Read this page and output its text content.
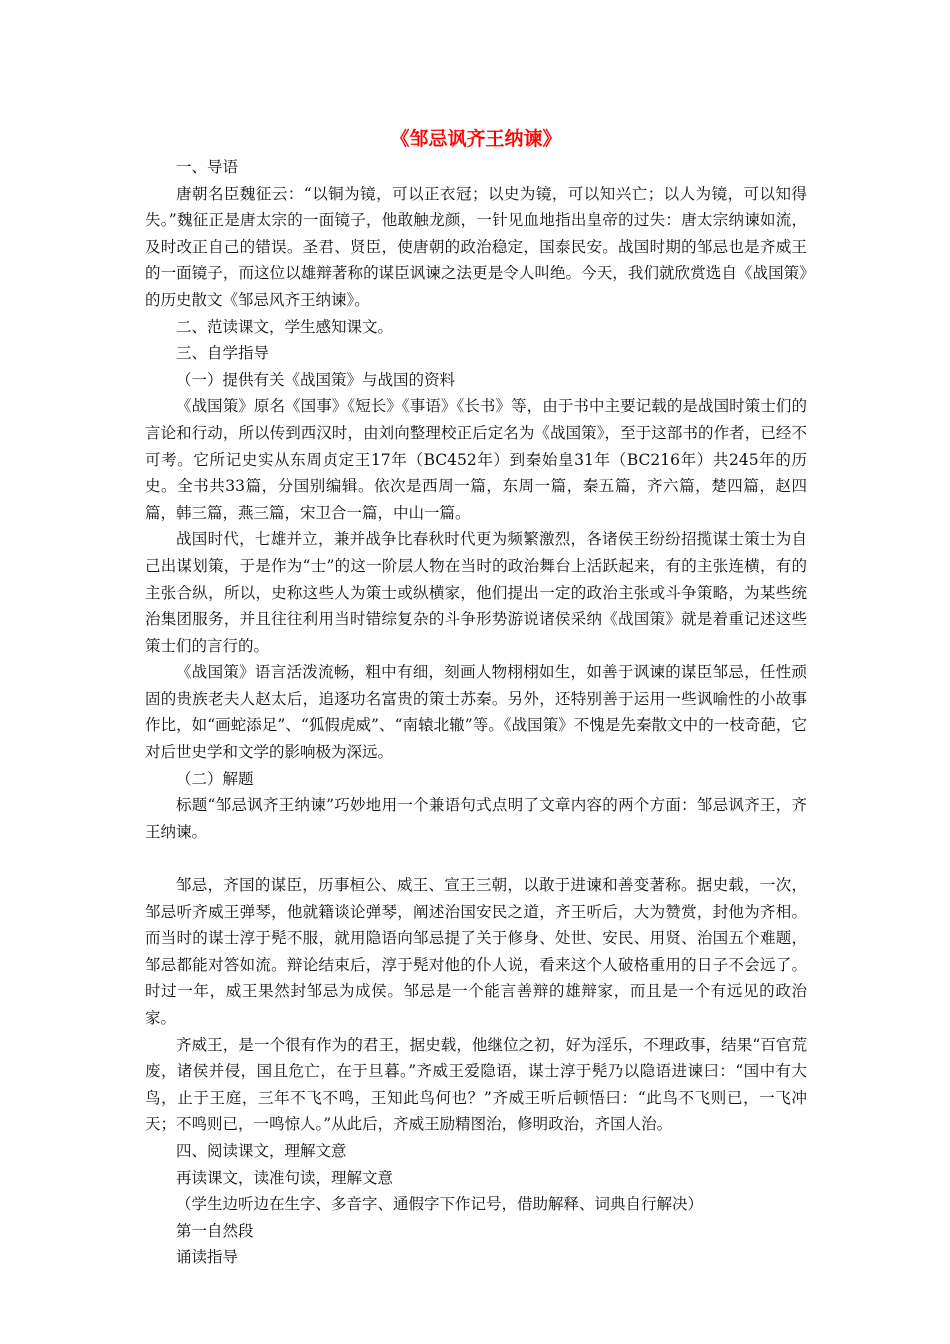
《邹忌讽齐王纳谏》
一、导语
唐朝名臣魏征云：“以铜为镜，可以正衣冠；以史为镜，可以知兴亡；以人为镜，可以知得失。”魏征正是唐太宗的一面镜子，他敢触龙颜，一针见血地指出皇帝的过失：唐太宗纳谏如流，及时改正自己的错误。圣君、贤臣，使唐朝的政治稳定，国泰民安。战国时期的邹忌也是齐威王的一面镜子，而这位以雄辩著称的谋臣讽谏之法更是令人叫绝。今天，我们就欣赏选自《战国策》的历史散文《邹忌风齐王纳谏》。
二、范读课文，学生感知课文。
三、自学指导
（一）提供有关《战国策》与战国的资料
《战国策》原名《国事》《短长》《事语》《长书》等，由于书中主要记载的是战国时策士们的言论和行动，所以传到西汉时，由刘向整理校正后定名为《战国策》，至于这部书的作者，已经不可考。它所记史实从东周贞定王17年（BC452年）到秦始皇31年（BC216年）共245年的历史。全书共33篇，分国别编辑。依次是西周一篇，东周一篇，秦五篇，齐六篇，楚四篇，赵四篇，韩三篇，燕三篇，宋卫合一篇，中山一篇。
战国时代，七雄并立，兼并战争比春秋时代更为频繁激烈，各诸侯王纷纷招揽谋士策士为自己出谋划策，于是作为“士”的这一阶层人物在当时的政治舞台上活跃起来，有的主张连横，有的主张合纵，所以，史称这些人为策士或纵横家，他们提出一定的政治主张或斗争策略，为某些统治集团服务，并且往往利用当时错综复杂的斗争形势游说诸侯采纳《战国策》就是着重记述这些策士们的言行的。
《战国策》语言活泼流畅，粗中有细，刻画人物栩栩如生，如善于讽谏的谋臣邹忌，任性顽固的贵族老夫人赵太后，追逐功名富贵的策士苏秦。另外，还特别善于运用一些讽喻性的小故事作比，如“画蛇添足”、“狐假虎威”、“南辕北辙”等。《战国策》不愧是先秦散文中的一枝奇葩，它对后世史学和文学的影响极为深远。
（二）解题
标题“邹忌讽齐王纳谏”巧妙地用一个兼语句式点明了文章内容的两个方面：邹忌讽齐王，齐王纳谏。
邹忌，齐国的谋臣，历事桓公、威王、宣王三朝，以敢于进谏和善变著称。据史载，一次，邹忌听齐威王弹琴，他就籍谈论弹琴，阐述治国安民之道，齐王听后，大为赞赏，封他为齐相。而当时的谋士淳于髡不服，就用隐语向邹忌提了关于修身、处世、安民、用贤、治国五个难题，邹忌都能对答如流。辩论结束后，淳于髡对他的仆人说，看来这个人破格重用的日子不会远了。时过一年，威王果然封邹忌为成侯。邹忌是一个能言善辩的雄辩家，而且是一个有远见的政治家。
齐威王，是一个很有作为的君王，据史载，他继位之初，好为淫乐，不理政事，结果“百官荒废，诸侯并侵，国且危亡，在于旦暮。”齐威王爱隐语，谋士淳于髡乃以隐语进谏曰：“国中有大鸟，止于王庭，三年不飞不鸣，王知此鸟何也？”齐威王听后顿悟曰：“此鸟不飞则已，一飞冲天；不鸣则已，一鸣惊人。”从此后，齐威王励精图治，修明政治，齐国人治。
四、阅读课文，理解文意
再读课文，读准句读，理解文意
（学生边听边在生字、多音字、通假字下作记号，借助解释、词典自行解决）
第一自然段
诵读指导
